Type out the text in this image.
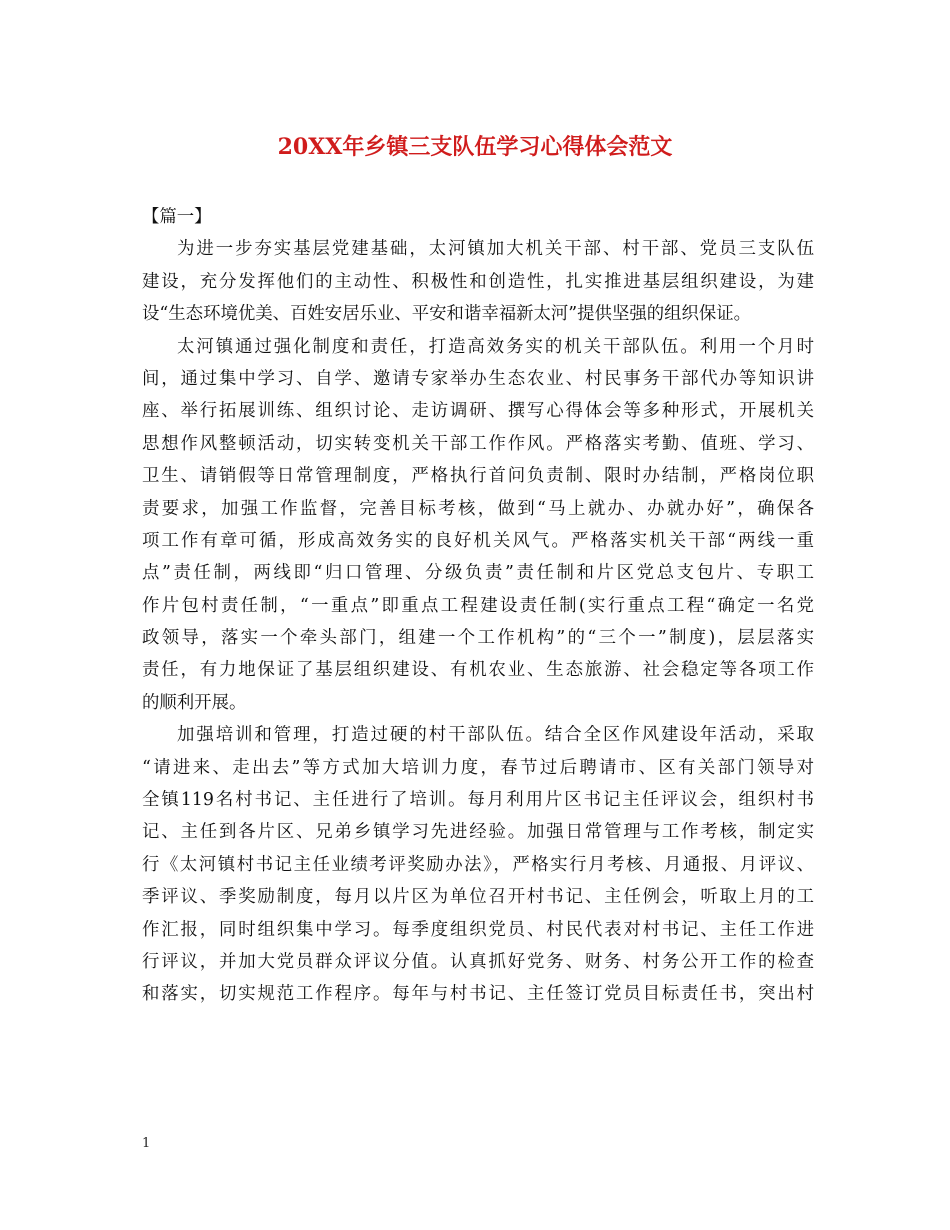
20XX年乡镇三支队伍学习心得体会范文
【篇一】
为进一步夯实基层党建基础，太河镇加大机关干部、村干部、党员三支队伍
建设，充分发挥他们的主动性、积极性和创造性，扎实推进基层组织建设，为建
设“生态环境优美、百姓安居乐业、平安和谐幸福新太河”提供坚强的组织保证。
太河镇通过强化制度和责任，打造高效务实的机关干部队伍。利用一个月时
间，通过集中学习、自学、邀请专家举办生态农业、村民事务干部代办等知识讲
座、举行拓展训练、组织讨论、走访调研、撰写心得体会等多种形式，开展机关
思想作风整顿活动，切实转变机关干部工作作风。严格落实考勤、值班、学习、
卫生、请销假等日常管理制度，严格执行首问负责制、限时办结制，严格岗位职
责要求，加强工作监督，完善目标考核，做到“马上就办、办就办好”，确保各
项工作有章可循，形成高效务实的良好机关风气。严格落实机关干部“两线一重
点”责任制，两线即“归口管理、分级负责”责任制和片区党总支包片、专职工
作片包村责任制，“一重点”即重点工程建设责任制(实行重点工程“确定一名党
政领导，落实一个牵头部门，组建一个工作机构”的“三个一”制度)，层层落实
责任，有力地保证了基层组织建设、有机农业、生态旅游、社会稳定等各项工作
的顺利开展。
加强培训和管理，打造过硬的村干部队伍。结合全区作风建设年活动，采取
“请进来、走出去”等方式加大培训力度，春节过后聘请市、区有关部门领导对
全镇119名村书记、主任进行了培训。每月利用片区书记主任评议会，组织村书
记、主任到各片区、兄弟乡镇学习先进经验。加强日常管理与工作考核，制定实
行《太河镇村书记主任业绩考评奖励办法》，严格实行月考核、月通报、月评议、
季评议、季奖励制度，每月以片区为单位召开村书记、主任例会，听取上月的工
作汇报，同时组织集中学习。每季度组织党员、村民代表对村书记、主任工作进
行评议，并加大党员群众评议分值。认真抓好党务、财务、村务公开工作的检查
和落实，切实规范工作程序。每年与村书记、主任签订党员目标责任书，突出村
1
